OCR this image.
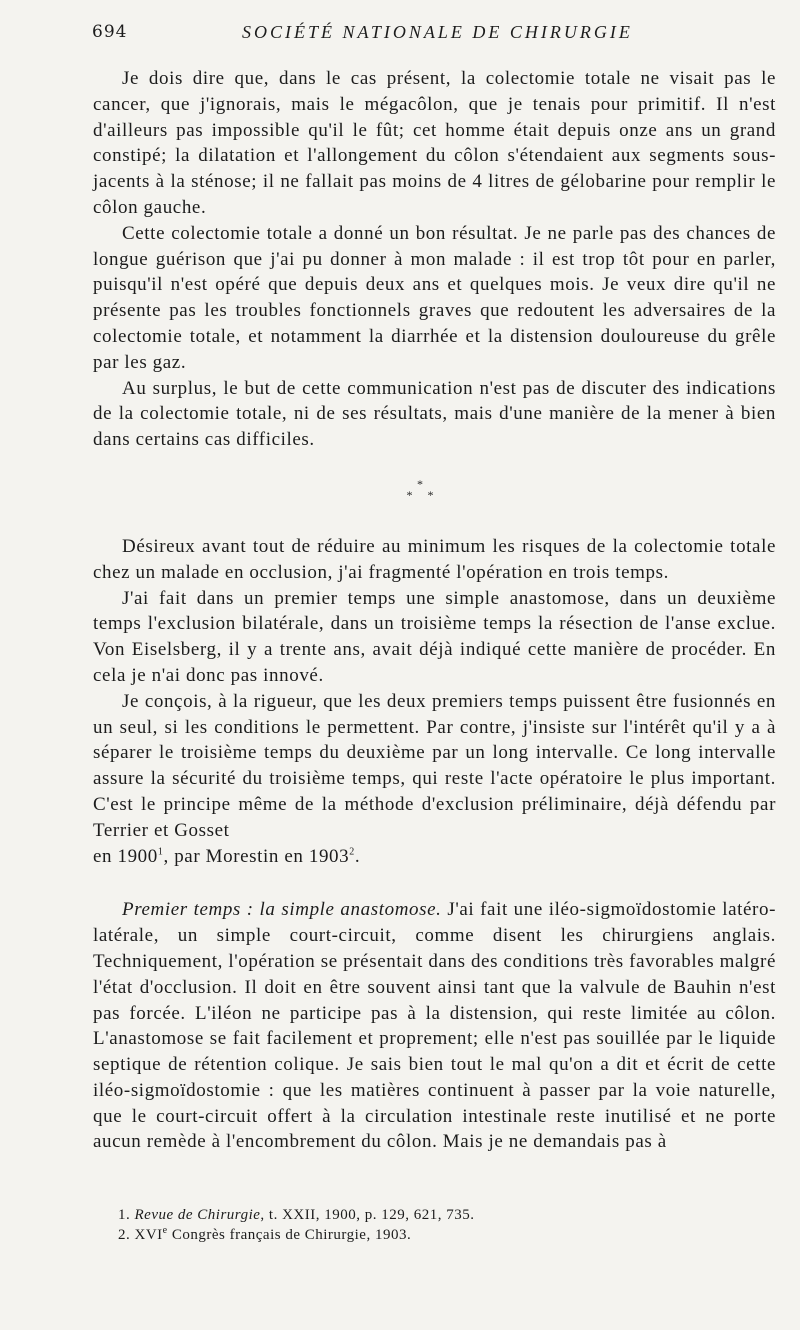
694	SOCIÉTÉ NATIONALE DE CHIRURGIE

Je dois dire que, dans le cas présent, la colectomie totale ne visait pas le cancer, que j'ignorais, mais le mégacôlon, que je tenais pour primitif. Il n'est d'ailleurs pas impossible qu'il le fût; cet homme était depuis onze ans un grand constipé; la dilatation et l'allongement du côlon s'étendaient aux segments sous-jacents à la sténose; il ne fallait pas moins de 4 litres de gélobarine pour remplir le côlon gauche.

Cette colectomie totale a donné un bon résultat. Je ne parle pas des chances de longue guérison que j'ai pu donner à mon malade : il est trop tôt pour en parler, puisqu'il n'est opéré que depuis deux ans et quelques mois. Je veux dire qu'il ne présente pas les troubles fonctionnels graves que redoutent les adversaires de la colectomie totale, et notamment la diarrhée et la distension douloureuse du grêle par les gaz.

Au surplus, le but de cette communication n'est pas de discuter des indications de la colectomie totale, ni de ses résultats, mais d'une manière de la mener à bien dans certains cas difficiles.

*
* *

Désireux avant tout de réduire au minimum les risques de la colectomie totale chez un malade en occlusion, j'ai fragmenté l'opération en trois temps.

J'ai fait dans un premier temps une simple anastomose, dans un deuxième temps l'exclusion bilatérale, dans un troisième temps la résection de l'anse exclue. Von Eiselsberg, il y a trente ans, avait déjà indiqué cette manière de procéder. En cela je n'ai donc pas innové.

Je conçois, à la rigueur, que les deux premiers temps puissent être fusionnés en un seul, si les conditions le permettent. Par contre, j'insiste sur l'intérêt qu'il y a à séparer le troisième temps du deuxième par un long intervalle. Ce long intervalle assure la sécurité du troisième temps, qui reste l'acte opératoire le plus important. C'est le principe même de la méthode d'exclusion préliminaire, déjà défendu par Terrier et Gosset

en 1900$^1$, par Morestin en 1903$^2$.

Premier temps : la simple anastomose. J'ai fait une iléo-sigmoïdostomie latéro-latérale, un simple court-circuit, comme disent les chirurgiens anglais. Techniquement, l'opération se présentait dans des conditions très favorables malgré l'état d'occlusion. Il doit en être souvent ainsi tant que la valvule de Bauhin n'est pas forcée. L'iléon ne participe pas à la distension, qui reste limitée au côlon. L'anastomose se fait facilement et proprement; elle n'est pas souillée par le liquide septique de rétention colique. Je sais bien tout le mal qu'on a dit et écrit de cette iléo-sigmoïdostomie : que les matières continuent à passer par la voie naturelle, que le court-circuit offert à la circulation intestinale reste inutilisé et ne porte aucun remède à l'encombrement du côlon. Mais je ne demandais pas à

1. Revue de Chirurgie, t. XXII, 1900, p. 129, 621, 735.
2. XVIe Congrès français de Chirurgie, 1903.
